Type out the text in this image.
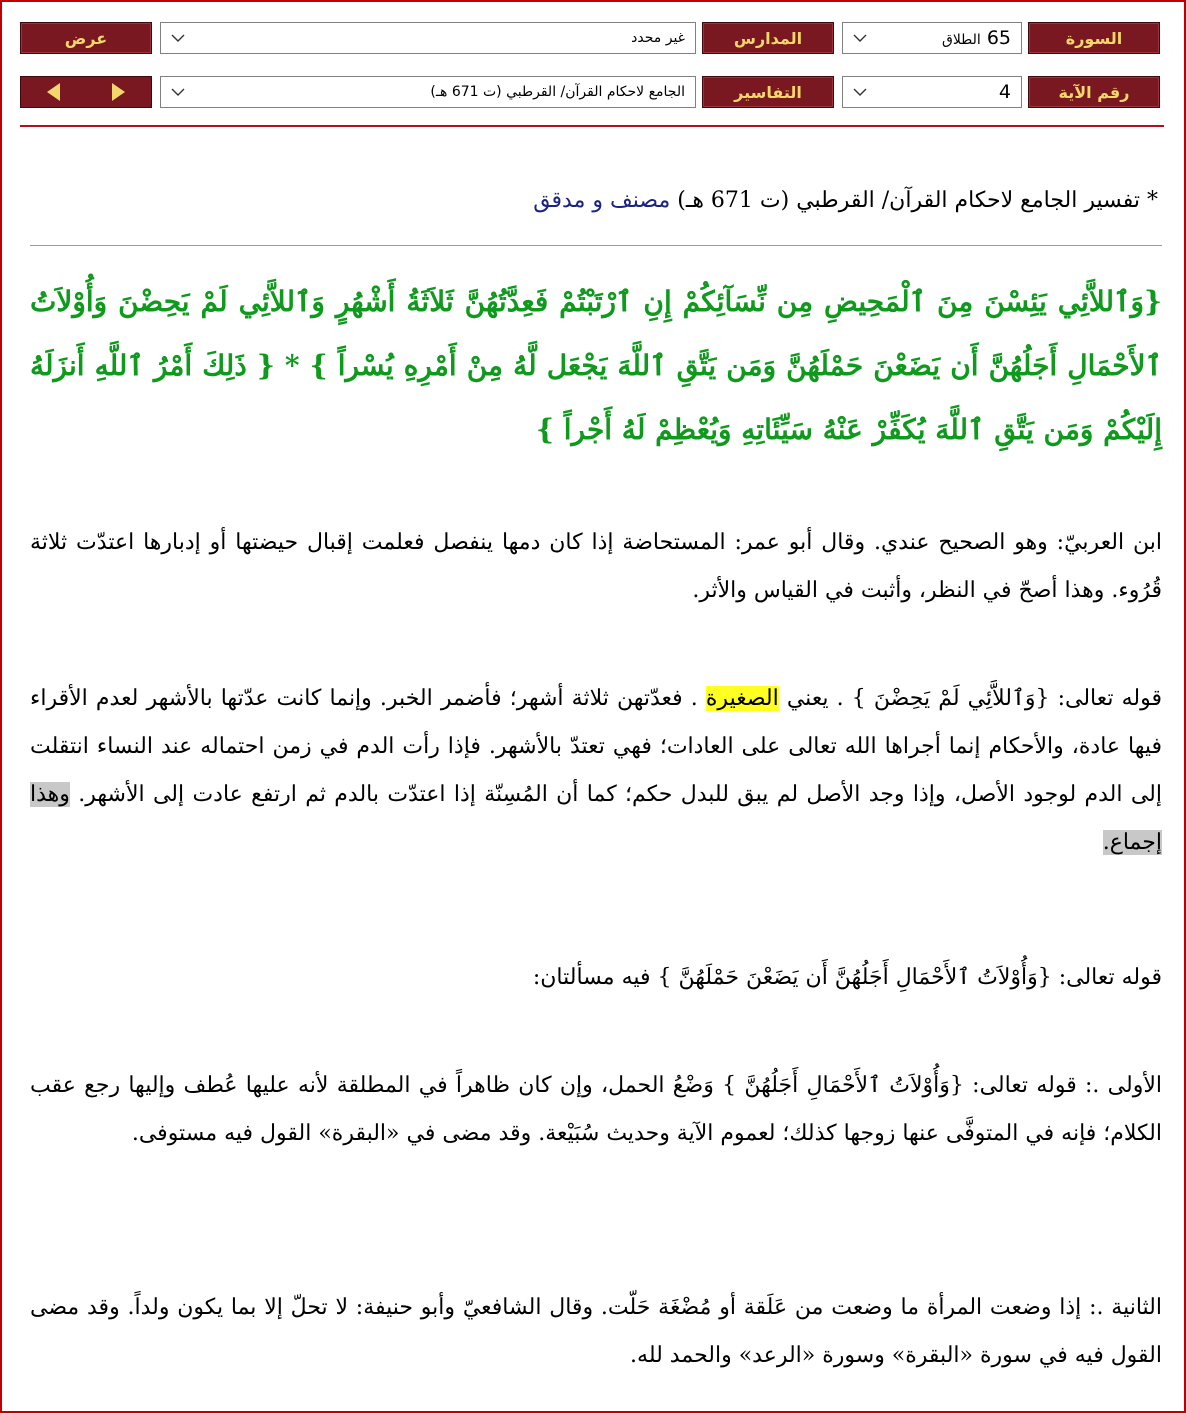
السورة
65الطلاق
المدارس
غير محدد
عرض
رقم الآية
4
التفاسير
الجامع لاحكام القرآن/ القرطبي (ت 671 هـ)
* تفسير الجامع لاحكام القرآن/ القرطبي (ت 671 هـ) مصنف و مدقق
{وَٱللاَّئِي يَئِسْنَ مِنَ ٱلْمَحِيضِ مِن نِّسَآئِكُمْ إِنِ ٱرْتَبْتُمْ فَعِدَّتُهُنَّ ثَلاَثَةُ أَشْهُرٍ وَٱللاَّئِي لَمْ يَحِضْنَ وَأُوْلاَتُ ٱلأَحْمَالِ أَجَلُهُنَّ أَن يَضَعْنَ حَمْلَهُنَّ وَمَن يَتَّقِ ٱللَّهَ يَجْعَل لَّهُ مِنْ أَمْرِهِ يُسْراً } * { ذَلِكَ أَمْرُ ٱللَّهِ أَنزَلَهُ إِلَيْكُمْ وَمَن يَتَّقِ ٱللَّهَ يُكَفِّرْ عَنْهُ سَيِّئَاتِهِ وَيُعْظِمْ لَهُ أَجْراً }
ابن العربيّ: وهو الصحيح عندي. وقال أبو عمر: المستحاضة إذا كان دمها ينفصل فعلمت إقبال حيضتها أو إدبارها اعتدّت ثلاثة قُرُوء. وهذا أصحّ في النظر، وأثبت في القياس والأثر.
قوله تعالى: {وَٱللاَّئِي لَمْ يَحِضْنَ } . يعني الصغيرة . فعدّتهن ثلاثة أشهر؛ فأضمر الخبر. وإنما كانت عدّتها بالأشهر لعدم الأقراء فيها عادة، والأحكام إنما أجراها الله تعالى على العادات؛ فهي تعتدّ بالأشهر. فإذا رأت الدم في زمن احتماله عند النساء انتقلت إلى الدم لوجود الأصل، وإذا وجد الأصل لم يبق للبدل حكم؛ كما أن المُسِنّة إذا اعتدّت بالدم ثم ارتفع عادت إلى الأشهر. وهذا إجماع.
قوله تعالى: {وَأُوْلاَتُ ٱلأَحْمَالِ أَجَلُهُنَّ أَن يَضَعْنَ حَمْلَهُنَّ } فيه مسألتان:
الأولى .: قوله تعالى: {وَأُوْلاَتُ ٱلأَحْمَالِ أَجَلُهُنَّ } وَضْعُ الحمل، وإن كان ظاهراً في المطلقة لأنه عليها عُطف وإليها رجع عقب الكلام؛ فإنه في المتوفَّى عنها زوجها كذلك؛ لعموم الآية وحديث سُبَيْعة. وقد مضى في «البقرة» القول فيه مستوفى.
الثانية .: إذا وضعت المرأة ما وضعت من عَلَقة أو مُضْغَة حَلّت. وقال الشافعيّ وأبو حنيفة: لا تحلّ إلا بما يكون ولداً. وقد مضى القول فيه في سورة «البقرة» وسورة «الرعد» والحمد لله.
